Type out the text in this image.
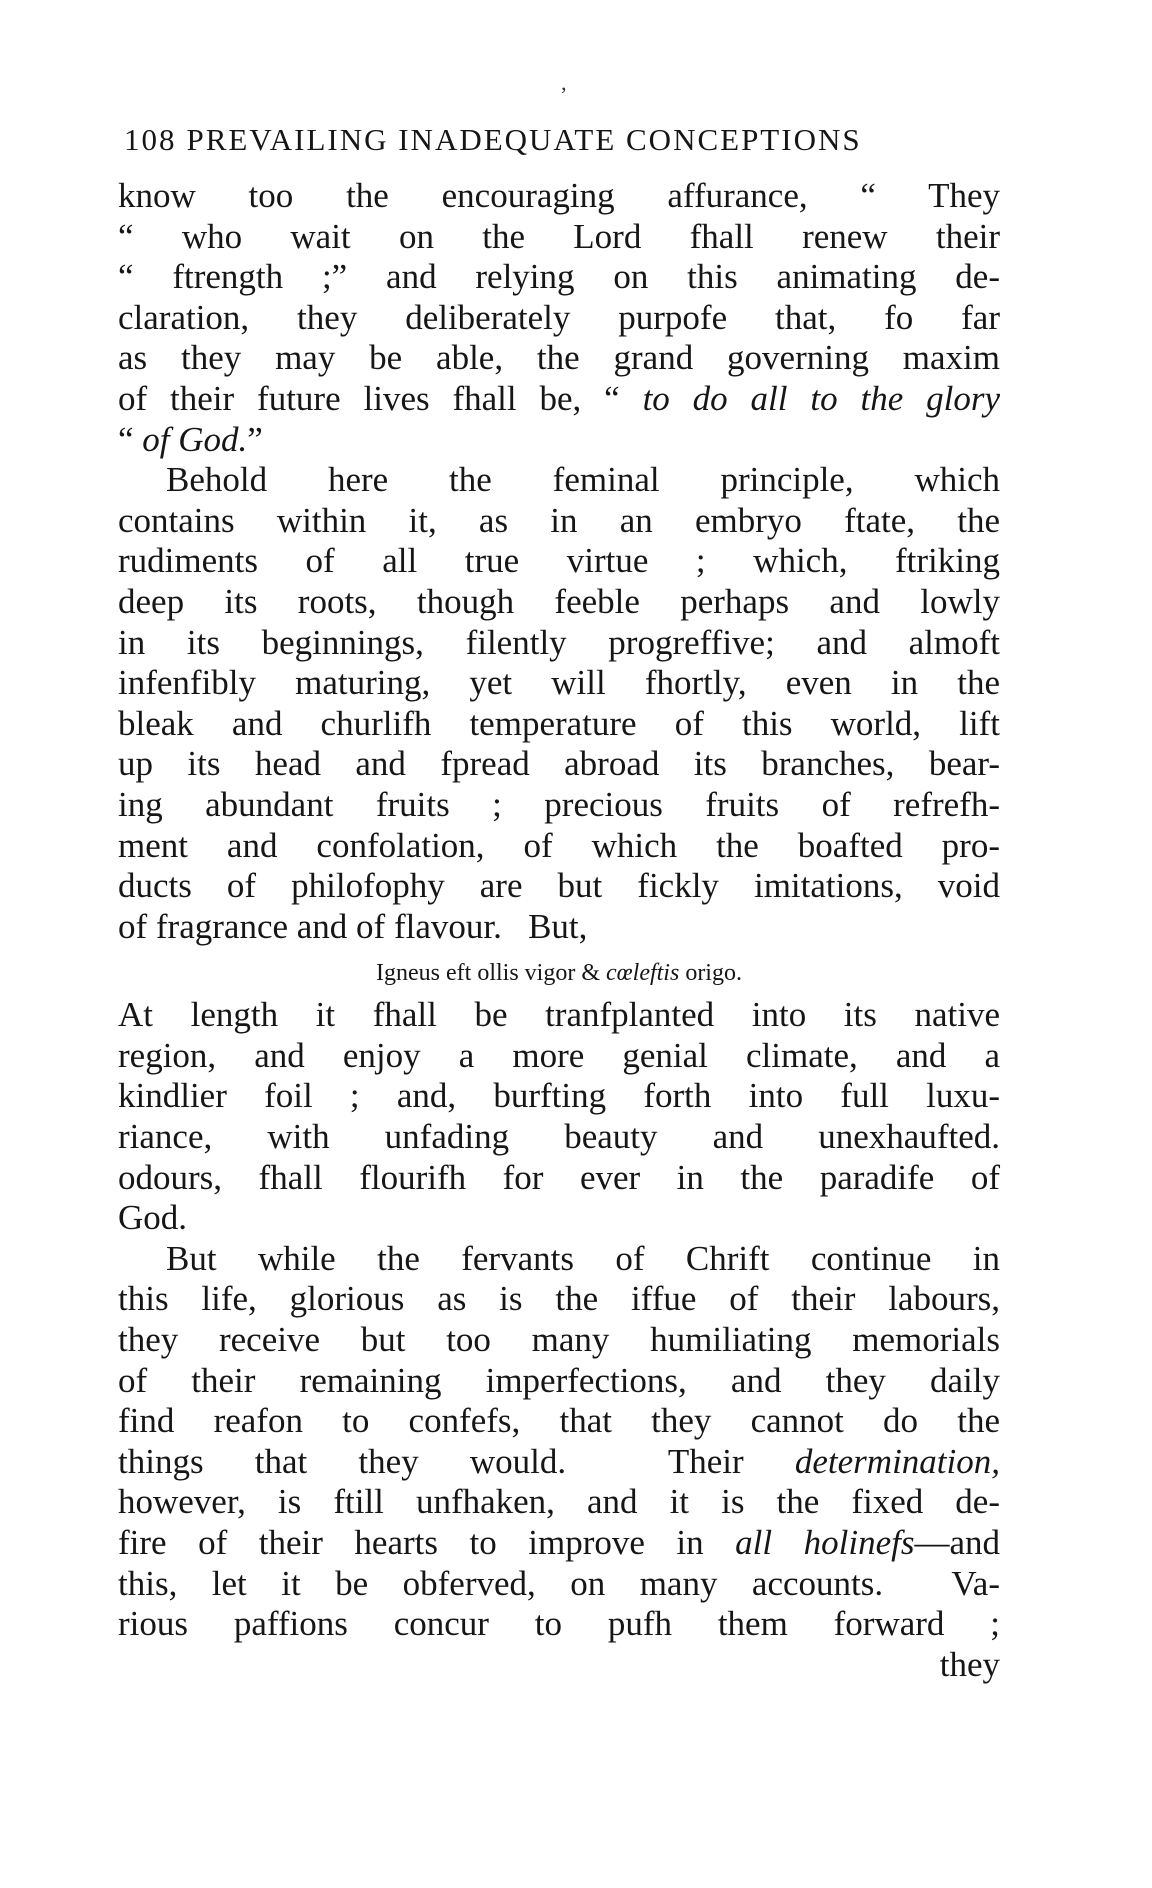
‚
108 PREVAILING INADEQUATE CONCEPTIONS
know too the encouraging affurance, “ They
“ who wait on the Lord fhall renew their
“ ftrength ;” and relying on this animating de-
claration, they deliberately purpofe that, fo far
as they may be able, the grand governing maxim
of their future lives fhall be, “ to do all to the glory
“ of God.”
Behold here the feminal principle, which
contains within it, as in an embryo ftate, the
rudiments of all true virtue ; which, ftriking
deep its roots, though feeble perhaps and lowly
in its beginnings, filently progreffive; and almoft
infenfibly maturing, yet will fhortly, even in the
bleak and churlifh temperature of this world, lift
up its head and fpread abroad its branches, bear-
ing abundant fruits ; precious fruits of refrefh-
ment and confolation, of which the boafted pro-
ducts of philofophy are but fickly imitations, void
of fragrance and of flavour.   But,
Igneus eft ollis vigor & cœleftis origo.
At length it fhall be tranfplanted into its native
region, and enjoy a more genial climate, and a
kindlier foil ; and, burfting forth into full luxu-
riance, with unfading beauty and unexhaufted.
odours, fhall flourifh for ever in the paradife of
God.
But while the fervants of Chrift continue in
this life, glorious as is the iffue of their labours,
they receive but too many humiliating memorials
of their remaining imperfections, and they daily
find reafon to confefs, that they cannot do the
things that they would.  Their determination,
however, is ftill unfhaken, and it is the fixed de-
fire of their hearts to improve in all holinefs—and
this, let it be obferved, on many accounts.  Va-
rious paffions concur to pufh them forward ;
they
